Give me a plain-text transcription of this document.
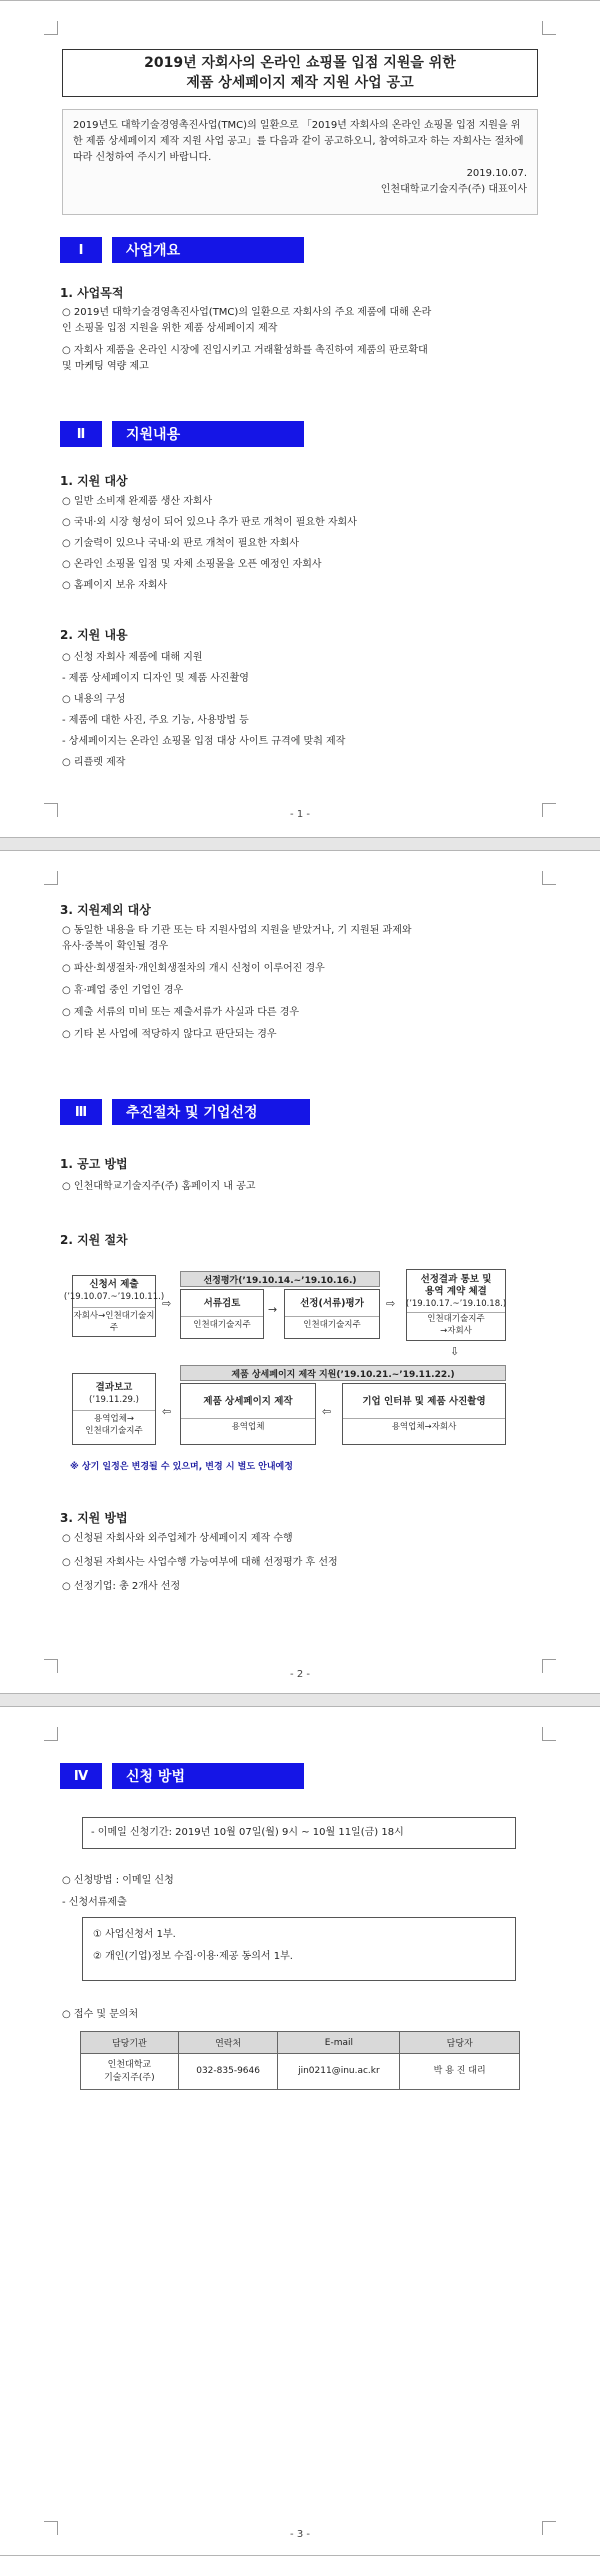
2019년 자회사의 온라인 쇼핑몰 입점 지원을 위한
제품 상세페이지 제작 지원 사업 공고
2019년도 대학기술경영촉진사업(TMC)의 일환으로 「2019년 자회사의 온라인 쇼핑몰 입점 지원을 위한 제품 상세페이지 제작 지원 사업 공고」를 다음과 같이 공고하오니, 참여하고자 하는 자회사는 절차에 따라 신청하여 주시기 바랍니다.
2019.10.07.
인천대학교기술지주(주) 대표이사
Ⅰ	사업개요
1. 사업목적
○ 2019년 대학기술경영촉진사업(TMC)의 일환으로 자회사의 주요 제품에 대해 온라
인 소핑몰 입점 지원을 위한 제품 상세페이지 제작
○ 자회사 제품을 온라인 시장에 진입시키고 거래활성화를 촉진하여 제품의 판로확대
및 마케팅 역량 제고
Ⅱ	지원내용
1. 지원 대상
○ 일반 소비재 완제품 생산 자회사
○ 국내·외 시장 형성이 되어 있으나 추가 판로 개척이 필요한 자회사
○ 기술력이 있으나 국내·외 판로 개척이 필요한 자회사
○ 온라인 소핑몰 입점 및 자체 소핑몰을 오픈 예정인 자회사
○ 홈페이지 보유 자회사
2. 지원 내용
○ 신청 자회사 제품에 대해 지원
- 제품 상세페이지 디자인 및 제품 사진촬영
○ 내용의 구성
- 제품에 대한 사진, 주요 기능, 사용방법 등
- 상세페이지는 온라인 쇼핑몰 입점 대상 사이트 규격에 맞춰 제작
○ 리플렛 제작
- 1 -
3. 지원제외 대상
○ 동일한 내용을 타 기관 또는 타 지원사업의 지원을 받았거나, 기 지원된 과제와
유사·중복이 확인될 경우
○ 파산·회생절차·개인회생절차의 개시 신청이 이루어진 경우
○ 휴·폐업 중인 기업인 경우
○ 제출 서류의 미비 또는 제출서류가 사실과 다른 경우
○ 기타 본 사업에 적당하지 않다고 판단되는 경우
Ⅲ	추진절차 및 기업선정
1. 공고 방법
○ 인천대학교기술지주(주) 홈페이지 내 공고
2. 지원 절차
신청서 제출
(’19.10.07.~’19.10.11.)
자회사→인천대기술지주
⇨
선정평가(’19.10.14.~’19.10.16.)
서류검토
인천대기술지주
→ 선정(서류)평가
인천대기술지주
⇨
선정결과 통보 및
용역 계약 체결
(’19.10.17.~’19.10.18.)
인천대기술지주
→자회사
⇩
제품 상세페이지 제작 지원(’19.10.21.~’19.11.22.)
기업 인터뷰 및 제품 사진촬영
용역업체→자회사
⇦
제품 상세페이지 제작
용역업체
⇦
결과보고
(’19.11.29.)
용역업체→
인천대기술지주
※ 상기 일정은 변경될 수 있으며, 변경 시 별도 안내예정
3. 지원 방법
○ 신청된 자회사와 외주업체가 상세페이지 제작 수행
○ 신청된 자회사는 사업수행 가능여부에 대해 선정평가 후 선정
○ 선정기업: 총 2개사 선정
- 2 -
Ⅳ	신청 방법
- 이메일 신청기간: 2019년 10월 07일(월) 9시 ~ 10월 11일(금) 18시
○ 신청방법 : 이메일 신청
- 신청서류제출
① 사업신청서 1부.
② 개인(기업)정보 수집·이용·제공 동의서 1부.
○ 접수 및 문의처
담당기관	연락처	E-mail	담당자

인천대학교
기술지주(주)	032-835-9646	jin0211@inu.ac.kr	박 용 진 대리
- 3 -
